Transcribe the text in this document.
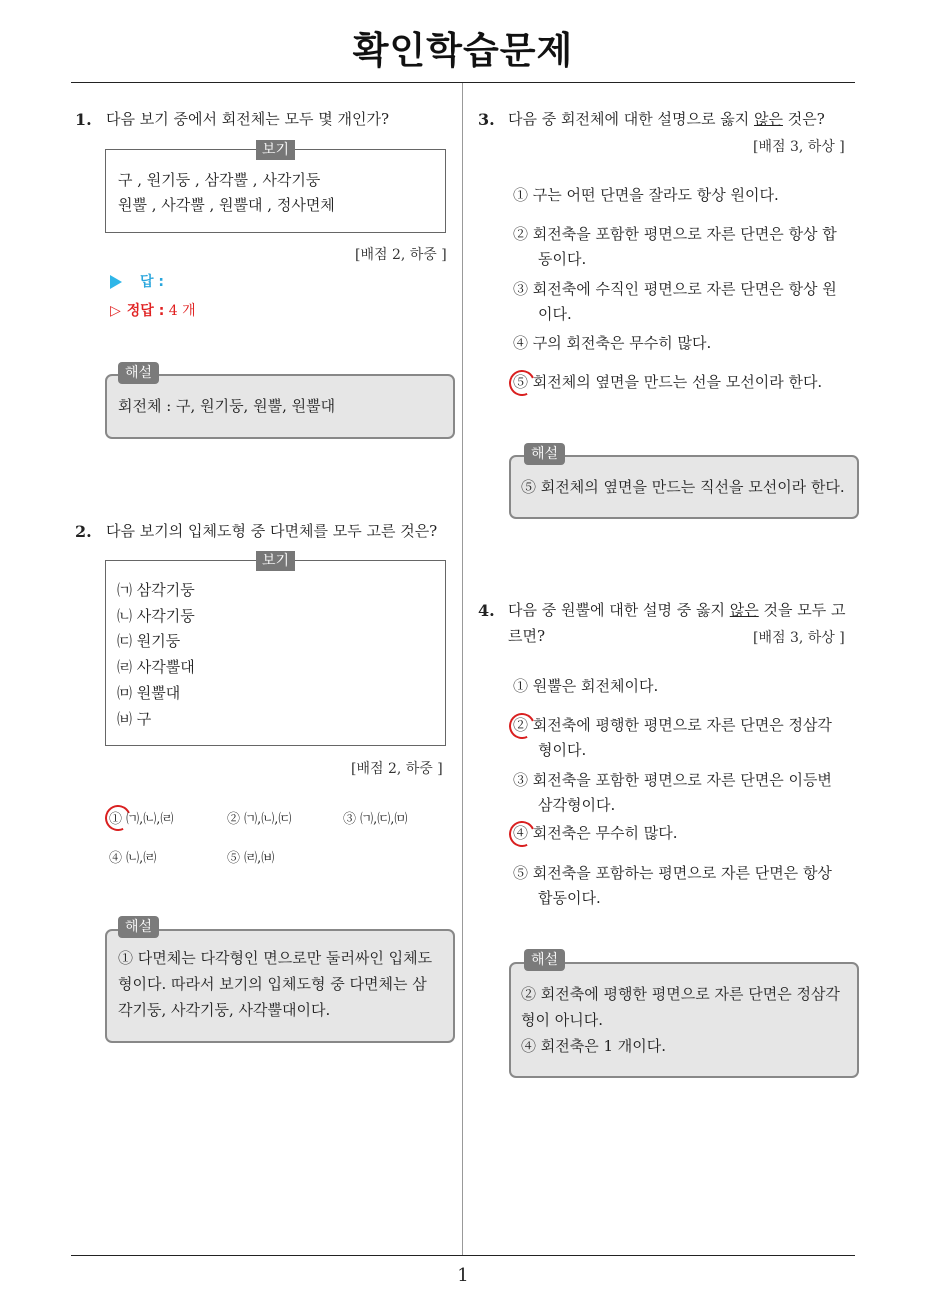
확인학습문제
1. 다음 보기 중에서 회전체는 모두 몇 개인가?
보기
구 , 원기둥 , 삼각뿔 , 사각기둥
원뿔 , 사각뿔 , 원뿔대 , 정사면체
[배점 2, 하중 ]
답 :
▷ 정답 : 4 개
해설
회전체 : 구, 원기둥, 원뿔, 원뿔대
2. 다음 보기의 입체도형 중 다면체를 모두 고른 것은?
보기
㈀ 삼각기둥
㈁ 사각기둥
㈂ 원기둥
㈃ 사각뿔대
㈄ 원뿔대
㈅ 구
[배점 2, 하중 ]
① ㈀,㈁,㈃	② ㈀,㈁,㈂	③ ㈀,㈂,㈄
④ ㈁,㈃	⑤ ㈃,㈅
해설
① 다면체는 다각형인 면으로만 둘러싸인 입체도
형이다. 따라서 보기의 입체도형 중 다면체는 삼
각기둥, 사각기둥, 사각뿔대이다.
3. 다음 중 회전체에 대한 설명으로 옳지 않은 것은?
[배점 3, 하상 ]
① 구는 어떤 단면을 잘라도 항상 원이다.
② 회전축을 포함한 평면으로 자른 단면은 항상 합
동이다.
③ 회전축에 수직인 평면으로 자른 단면은 항상 원
이다.
④ 구의 회전축은 무수히 많다.
⑤ 회전체의 옆면을 만드는 선을 모선이라 한다.
해설
⑤ 회전체의 옆면을 만드는 직선을 모선이라 한다.
4. 다음 중 원뿔에 대한 설명 중 옳지 않은 것을 모두 고
르면?	[배점 3, 하상 ]
① 원뿔은 회전체이다.
② 회전축에 평행한 평면으로 자른 단면은 정삼각
형이다.
③ 회전축을 포함한 평면으로 자른 단면은 이등변
삼각형이다.
④ 회전축은 무수히 많다.
⑤ 회전축을 포함하는 평면으로 자른 단면은 항상
합동이다.
해설
② 회전축에 평행한 평면으로 자른 단면은 정삼각
형이 아니다.
④ 회전축은 1 개이다.
1
